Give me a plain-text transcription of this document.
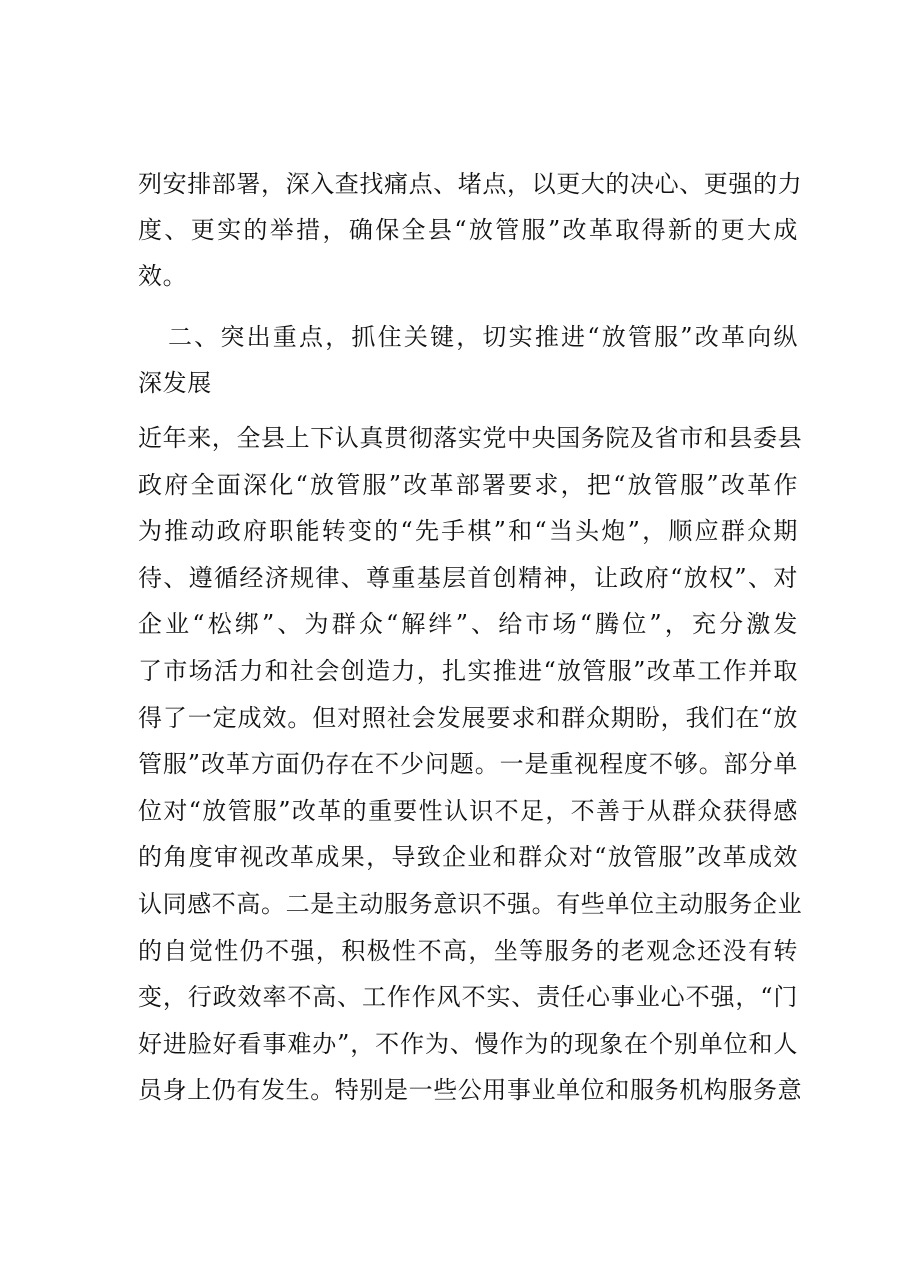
列安排部署，深入查找痛点、堵点，以更大的决心、更强的力
度、更实的举措，确保全县“放管服”改革取得新的更大成
效。
二、突出重点，抓住关键，切实推进“放管服”改革向纵
深发展
近年来，全县上下认真贯彻落实党中央国务院及省市和县委县
政府全面深化“放管服”改革部署要求，把“放管服”改革作
为推动政府职能转变的“先手棋”和“当头炮”，顺应群众期
待、遵循经济规律、尊重基层首创精神，让政府“放权”、对
企业“松绑”、为群众“解绊”、给市场“腾位”，充分激发
了市场活力和社会创造力，扎实推进“放管服”改革工作并取
得了一定成效。但对照社会发展要求和群众期盼，我们在“放
管服”改革方面仍存在不少问题。一是重视程度不够。部分单
位对“放管服”改革的重要性认识不足，不善于从群众获得感
的角度审视改革成果，导致企业和群众对“放管服”改革成效
认同感不高。二是主动服务意识不强。有些单位主动服务企业
的自觉性仍不强，积极性不高，坐等服务的老观念还没有转
变，行政效率不高、工作作风不实、责任心事业心不强，“门
好进脸好看事难办”，不作为、慢作为的现象在个别单位和人
员身上仍有发生。特别是一些公用事业单位和服务机构服务意
